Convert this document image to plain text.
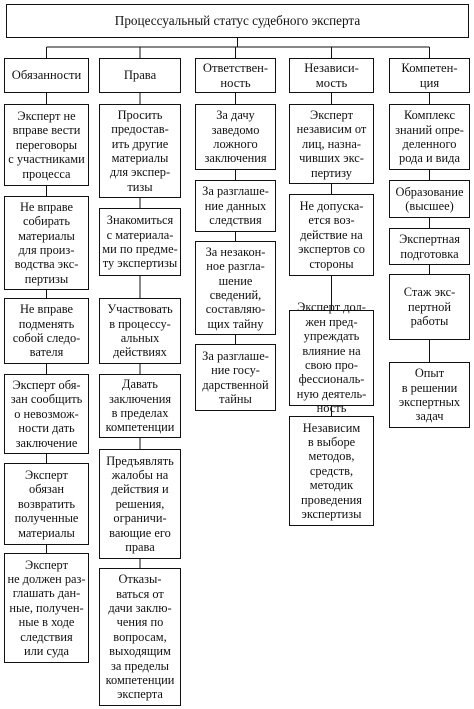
Процессуальный статус судебного эксперта
Обязанности
Эксперт не
вправе вести
переговоры
с участниками
процесса
Не вправе
собирать
материалы
для произ-
водства экс-
пертизы
Не вправе
подменять
собой следо-
вателя
Эксперт обя-
зан сообщить
о невозмож-
ности дать
заключение
Эксперт
обязан
возвратить
полученные
материалы
Эксперт
не должен раз-
глашать дан-
ные, получен-
ные в ходе
следствия
или суда
Права
Просить
предостав-
ить другие
материалы
для экспер-
тизы
Знакомиться
с материала-
ми по предме-
ту экспертизы
Участвовать
в процессу-
альных
действиях
Давать
заключения
в пределах
компетенции
Предъявлять
жалобы на
действия и
решения,
ограничи-
вающие его
права
Отказы-
ваться от
дачи заклю-
чения по
вопросам,
выходящим
за пределы
компетенции
эксперта
Ответствен-
ность
За дачу
заведомо
ложного
заключения
За разглаше-
ние данных
следствия
За незакон-
ное разгла-
шение
сведений,
составляю-
щих тайну
За разглаше-
ние госу-
дарственной
тайны
Независи-
мость
Эксперт
независим от
лиц, назна-
чивших экс-
пертизу
Не допуска-
ется воз-
действие на
экспертов со
стороны
Эксперт дол-
жен пред-
упреждать
влияние на
свою про-
фессиональ-
ную деятель-
ность
Независим
в выборе
методов,
средств,
методик
проведения
экспертизы
Компетен-
ция
Комплекс
знаний опре-
деленного
рода и вида
Образование
(высшее)
Экспертная
подготовка
Стаж экс-
пертной
работы
Опыт
в решении
экспертных
задач
